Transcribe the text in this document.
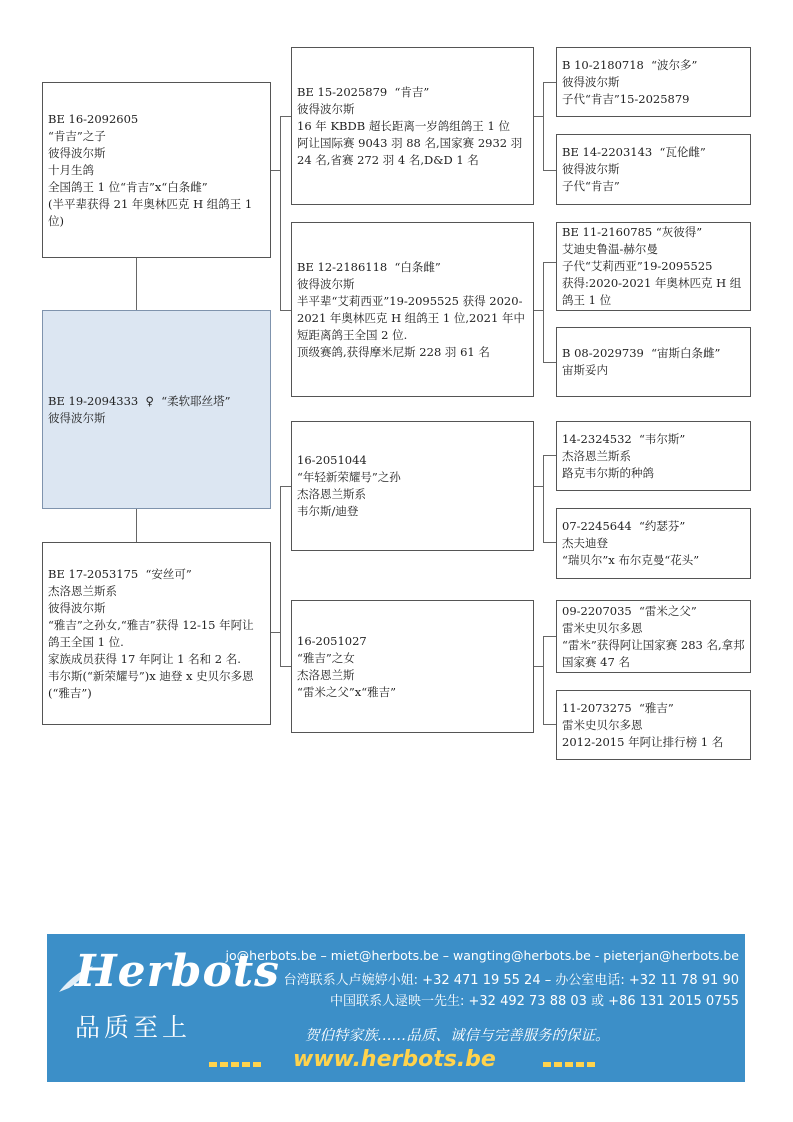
BE 16-2092605
“肯吉”之子
彼得波尔斯
十月生鸽
全国鸽王 1 位“肯吉”x“白条雌”
(半平辈获得 21 年奥林匹克 H 组鸽王 1 位)
BE 19-2094333  ♀  “柔软耶丝塔”
彼得波尔斯
BE 17-2053175  “安丝可”
杰洛恩兰斯系
彼得波尔斯
“雅吉”之孙女,“雅吉”获得 12-15 年阿让鸽王全国 1 位.
家族成员获得 17 年阿让 1 名和 2 名.
韦尔斯(“新荣耀号”)x 迪登 x 史贝尔多恩(“雅吉”)
BE 15-2025879  “肯吉”
彼得波尔斯
16 年 KBDB 超长距离一岁鸽组鸽王 1 位
阿让国际赛 9043 羽 88 名,国家赛 2932 羽 24 名,省赛 272 羽 4 名,D&D 1 名
BE 12-2186118  “白条雌”
彼得波尔斯
半平辈“艾莉西亚”19-2095525 获得 2020-2021 年奥林匹克 H 组鸽王 1 位,2021 年中短距离鸽王全国 2 位.
顶级赛鸽,获得摩米尼斯 228 羽 61 名
16-2051044
“年轻新荣耀号”之孙
杰洛恩兰斯系
韦尔斯/迪登
16-2051027
“雅吉”之女
杰洛恩兰斯
“雷米之父”x“雅吉”
B 10-2180718  “波尔多”
彼得波尔斯
子代“肯吉”15-2025879
BE 14-2203143  “瓦伦雌”
彼得波尔斯
子代“肯吉”
BE 11-2160785 “灰彼得”
艾迪史鲁温-赫尔曼
子代“艾莉西亚”19-2095525
获得:2020-2021 年奥林匹克 H 组鸽王 1 位
B 08-2029739  “宙斯白条雌”
宙斯妥内
14-2324532  “韦尔斯”
杰洛恩兰斯系
路克韦尔斯的种鸽
07-2245644  “约瑟芬”
杰夫迪登
“瑞贝尔”x 布尔克曼“花头”
09-2207035  “雷米之父”
雷米史贝尔多恩
“雷米”获得阿让国家赛 283 名,拿邦国家赛 47 名
11-2073275  “雅吉”
雷米史贝尔多恩
2012-2015 年阿让排行榜 1 名
Herbots
品质至上
jo@herbots.be – miet@herbots.be – wangting@herbots.be - pieterjan@herbots.be
台湾联系人卢婉婷小姐: +32 471 19 55 24 – 办公室电话: +32 11 78 91 90
中国联系人逯映一先生: +32 492 73 88 03 或 +86 131 2015 0755
贺伯特家族……品质、诚信与完善服务的保证。
www.herbots.be
